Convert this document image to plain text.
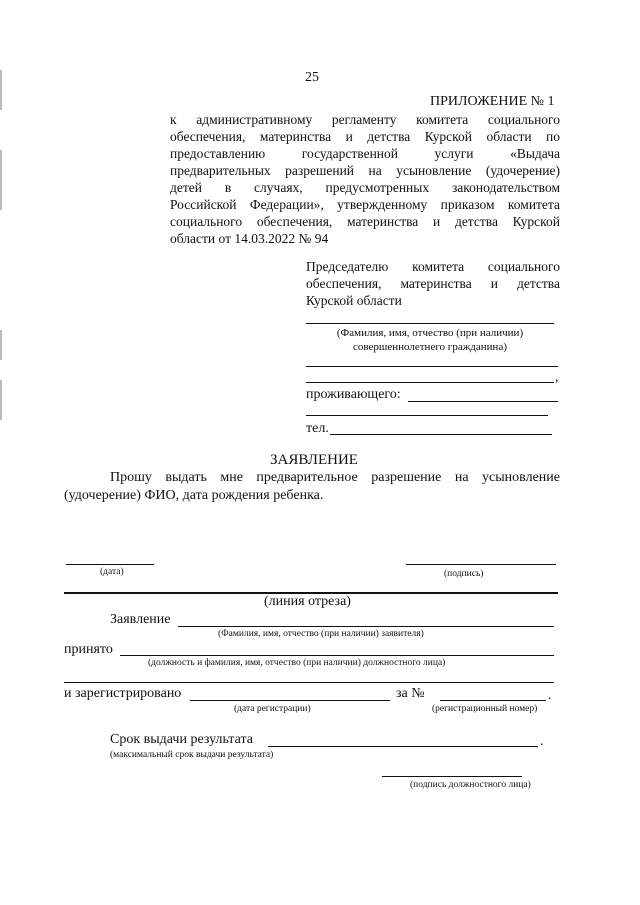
25
ПРИЛОЖЕНИЕ № 1
к административному регламенту комитета социального
обеспечения, материнства и детства Курской области по
предоставлению государственной услуги «Выдача
предварительных разрешений на усыновление (удочерение)
детей в случаях, предусмотренных законодательством
Российской Федерации», утвержденному приказом комитета
социального обеспечения, материнства и детства Курской
области от 14.03.2022 № 94
Председателю комитета социального
обеспечения, материнства и детства
Курской области
(Фамилия, имя, отчество (при наличии)
совершеннолетнего гражданина)
,
проживающего:
тел.
ЗАЯВЛЕНИЕ
Прошу выдать мне предварительное разрешение на усыновление
(удочерение) ФИО, дата рождения ребенка.
(дата)	(подпись)
(линия отреза)
Заявление
(Фамилия, имя, отчество (при наличии) заявителя)
принято
(должность и фамилия, имя, отчество (при наличии) должностного лица)
и зарегистрировано	за №	.
(дата регистрации)	(регистрационный номер)
Срок выдачи результата	.
(максимальный срок выдачи результата)
(подпись должностного лица)
